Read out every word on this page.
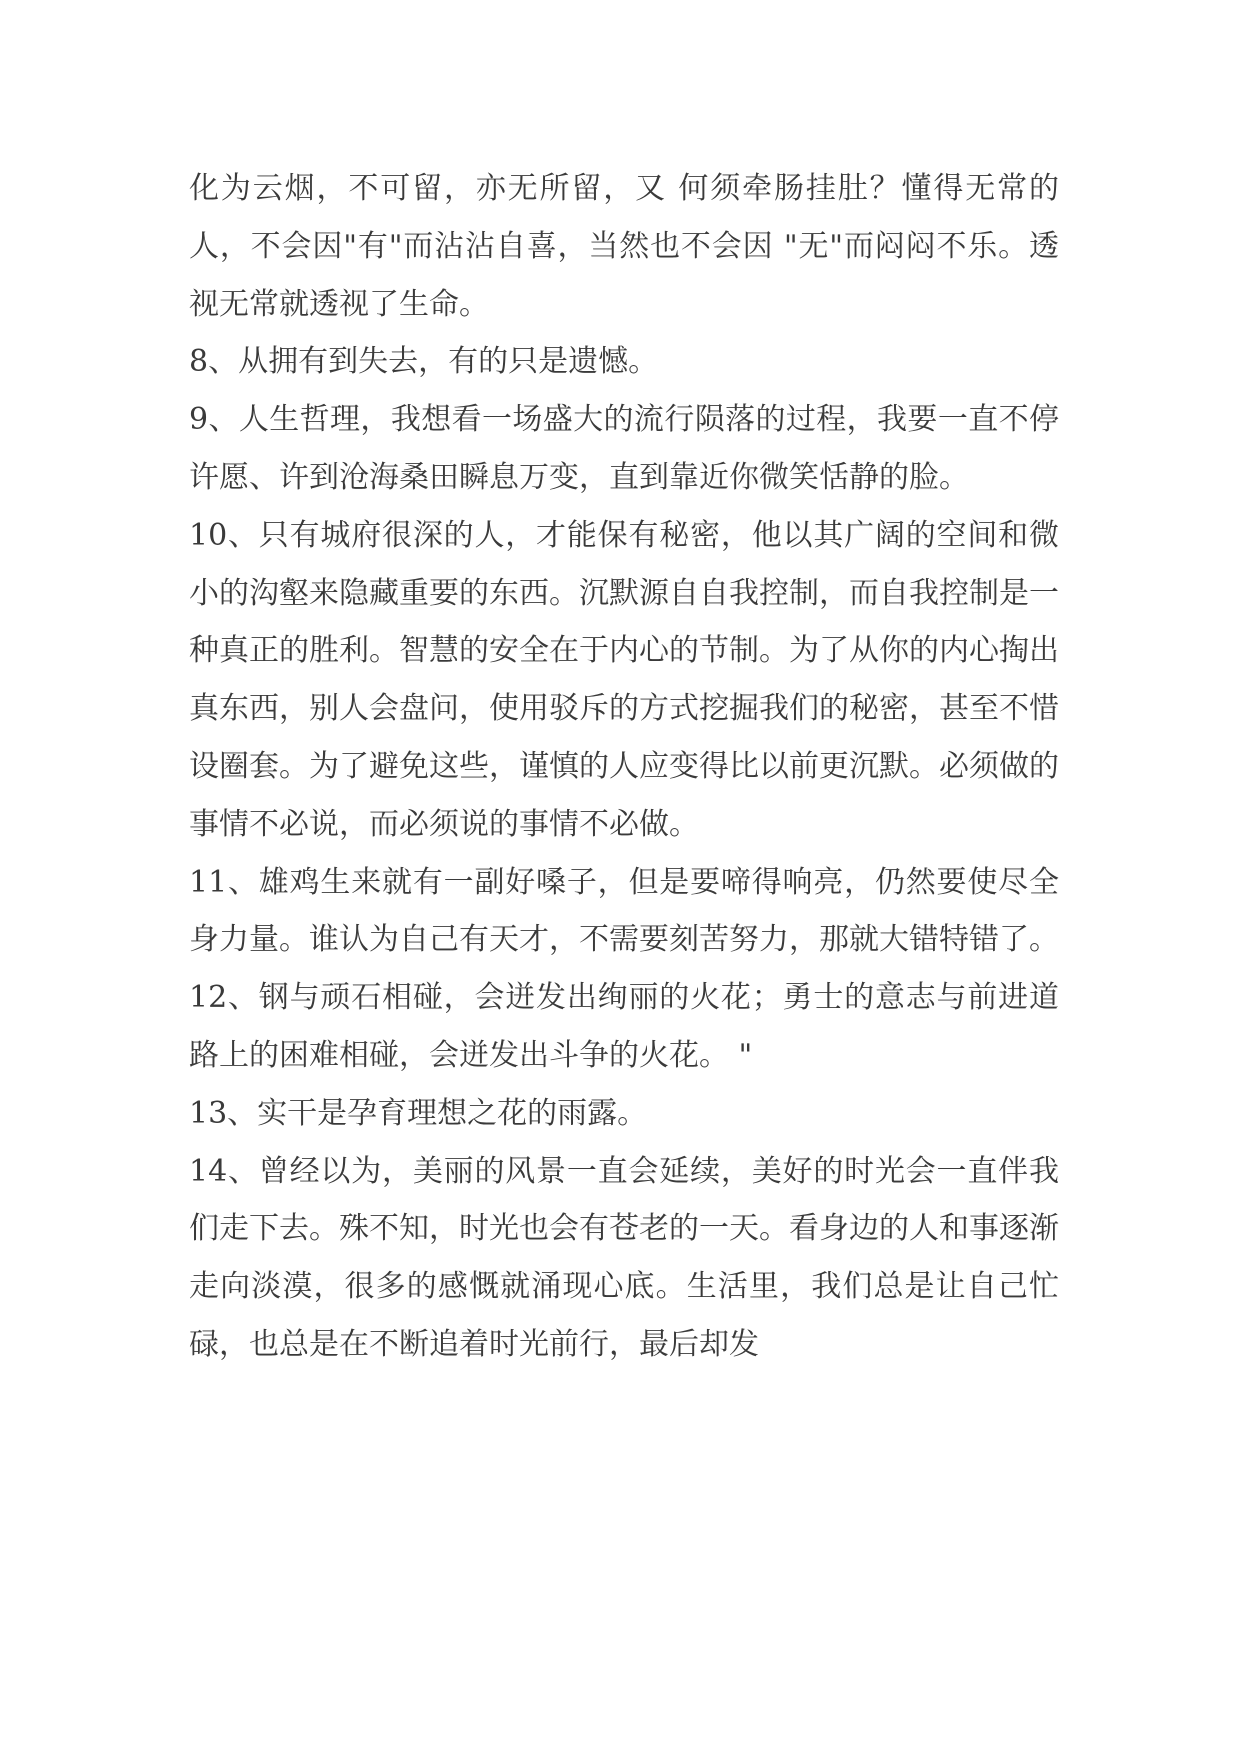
化为云烟，不可留，亦无所留，又 何须牵肠挂肚？懂得无常的人，不会因"有"而沾沾自喜，当然也不会因 "无"而闷闷不乐。透视无常就透视了生命。

8、从拥有到失去，有的只是遗憾。

9、人生哲理，我想看一场盛大的流行陨落的过程，我要一直不停许愿、许到沧海桑田瞬息万变，直到靠近你微笑恬静的脸。

10、只有城府很深的人，才能保有秘密，他以其广阔的空间和微小的沟壑来隐藏重要的东西。沉默源自自我控制，而自我控制是一种真正的胜利。智慧的安全在于内心的节制。为了从你的内心掏出真东西，别人会盘问，使用驳斥的方式挖掘我们的秘密，甚至不惜设圈套。为了避免这些，谨慎的人应变得比以前更沉默。必须做的事情不必说，而必须说的事情不必做。

11、雄鸡生来就有一副好嗓子，但是要啼得响亮，仍然要使尽全身力量。谁认为自己有天才，不需要刻苦努力，那就大错特错了。

12、钢与顽石相碰，会迸发出绚丽的火花；勇士的意志与前进道路上的困难相碰，会迸发出斗争的火花。 "

13、实干是孕育理想之花的雨露。

14、曾经以为，美丽的风景一直会延续，美好的时光会一直伴我们走下去。殊不知，时光也会有苍老的一天。看身边的人和事逐渐走向淡漠，很多的感慨就涌现心底。生活里，我们总是让自己忙碌，也总是在不断追着时光前行，最后却发
